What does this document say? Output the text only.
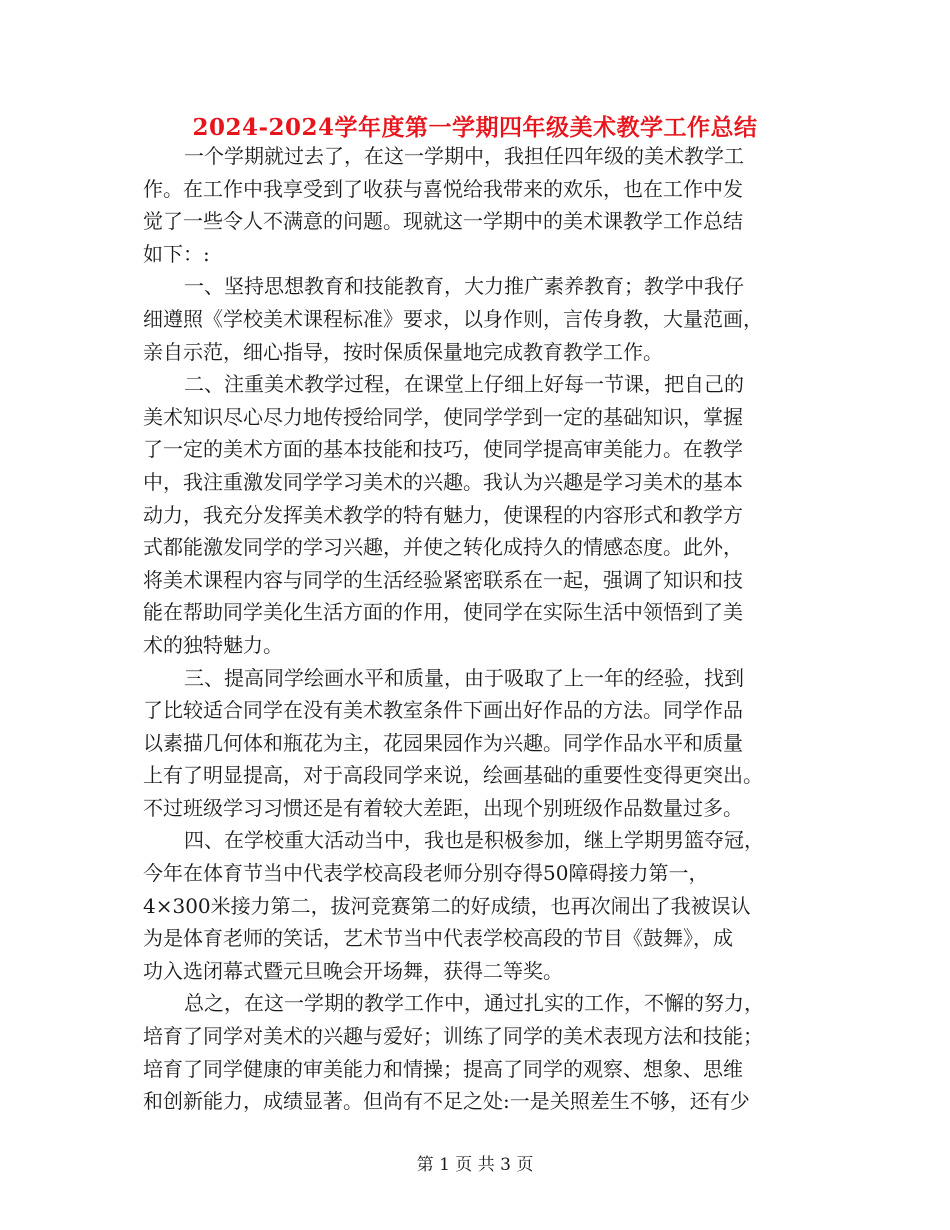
2024-2024学年度第一学期四年级美术教学工作总结
一个学期就过去了，在这一学期中，我担任四年级的美术教学工
作。在工作中我享受到了收获与喜悦给我带来的欢乐，也在工作中发
觉了一些令人不满意的问题。现就这一学期中的美术课教学工作总结
如下：:
一、坚持思想教育和技能教育，大力推广素养教育；教学中我仔
细遵照《学校美术课程标准》要求，以身作则，言传身教，大量范画，
亲自示范，细心指导，按时保质保量地完成教育教学工作。
二、注重美术教学过程，在课堂上仔细上好每一节课，把自己的
美术知识尽心尽力地传授给同学，使同学学到一定的基础知识，掌握
了一定的美术方面的基本技能和技巧，使同学提高审美能力。在教学
中，我注重激发同学学习美术的兴趣。我认为兴趣是学习美术的基本
动力，我充分发挥美术教学的特有魅力，使课程的内容形式和教学方
式都能激发同学的学习兴趣，并使之转化成持久的情感态度。此外，
将美术课程内容与同学的生活经验紧密联系在一起，强调了知识和技
能在帮助同学美化生活方面的作用，使同学在实际生活中领悟到了美
术的独特魅力。
三、提高同学绘画水平和质量，由于吸取了上一年的经验，找到
了比较适合同学在没有美术教室条件下画出好作品的方法。同学作品
以素描几何体和瓶花为主，花园果园作为兴趣。同学作品水平和质量
上有了明显提高，对于高段同学来说，绘画基础的重要性变得更突出。
不过班级学习习惯还是有着较大差距，出现个别班级作品数量过多。
四、在学校重大活动当中，我也是积极参加，继上学期男篮夺冠，
今年在体育节当中代表学校高段老师分别夺得50障碍接力第一，
4×300米接力第二，拔河竞赛第二的好成绩，也再次闹出了我被误认
为是体育老师的笑话，艺术节当中代表学校高段的节目《鼓舞》，成
功入选闭幕式暨元旦晚会开场舞，获得二等奖。
总之，在这一学期的教学工作中，通过扎实的工作，不懈的努力，
培育了同学对美术的兴趣与爱好；训练了同学的美术表现方法和技能；
培育了同学健康的审美能力和情操；提高了同学的观察、想象、思维
和创新能力，成绩显著。但尚有不足之处:一是关照差生不够，还有少
第 1 页 共 3 页
